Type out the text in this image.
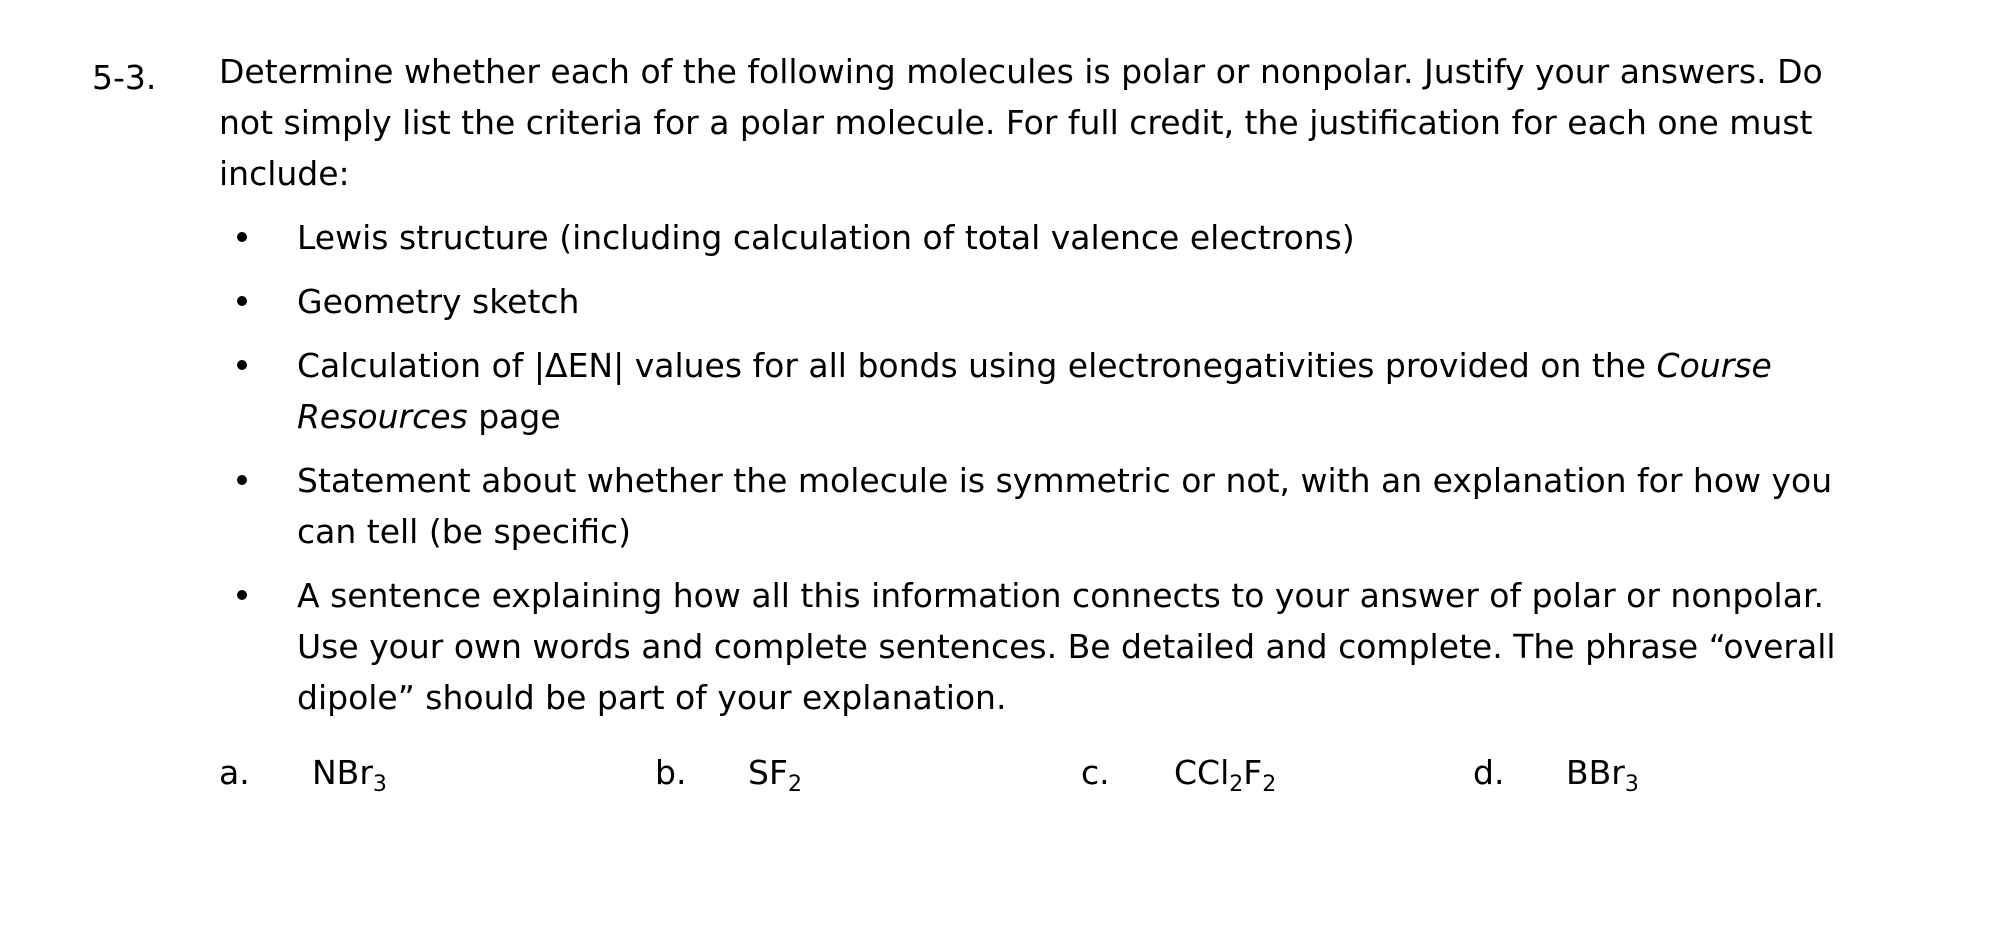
5-3. Determine whether each of the following molecules is polar or nonpolar. Justify your answers. Do
not simply list the criteria for a polar molecule. For full credit, the justification for each one must
include:
Lewis structure (including calculation of total valence electrons)
Geometry sketch
Calculation of |ΔEN| values for all bonds using electronegativities provided on the Course
Resources page
Statement about whether the molecule is symmetric or not, with an explanation for how you
can tell (be specific)
A sentence explaining how all this information connects to your answer of polar or nonpolar.
Use your own words and complete sentences. Be detailed and complete. The phrase “overall
dipole” should be part of your explanation.
a. NBr$_3$	b. $SF_2$	c. $CCl_2F_2$	d. BBr$_3$
